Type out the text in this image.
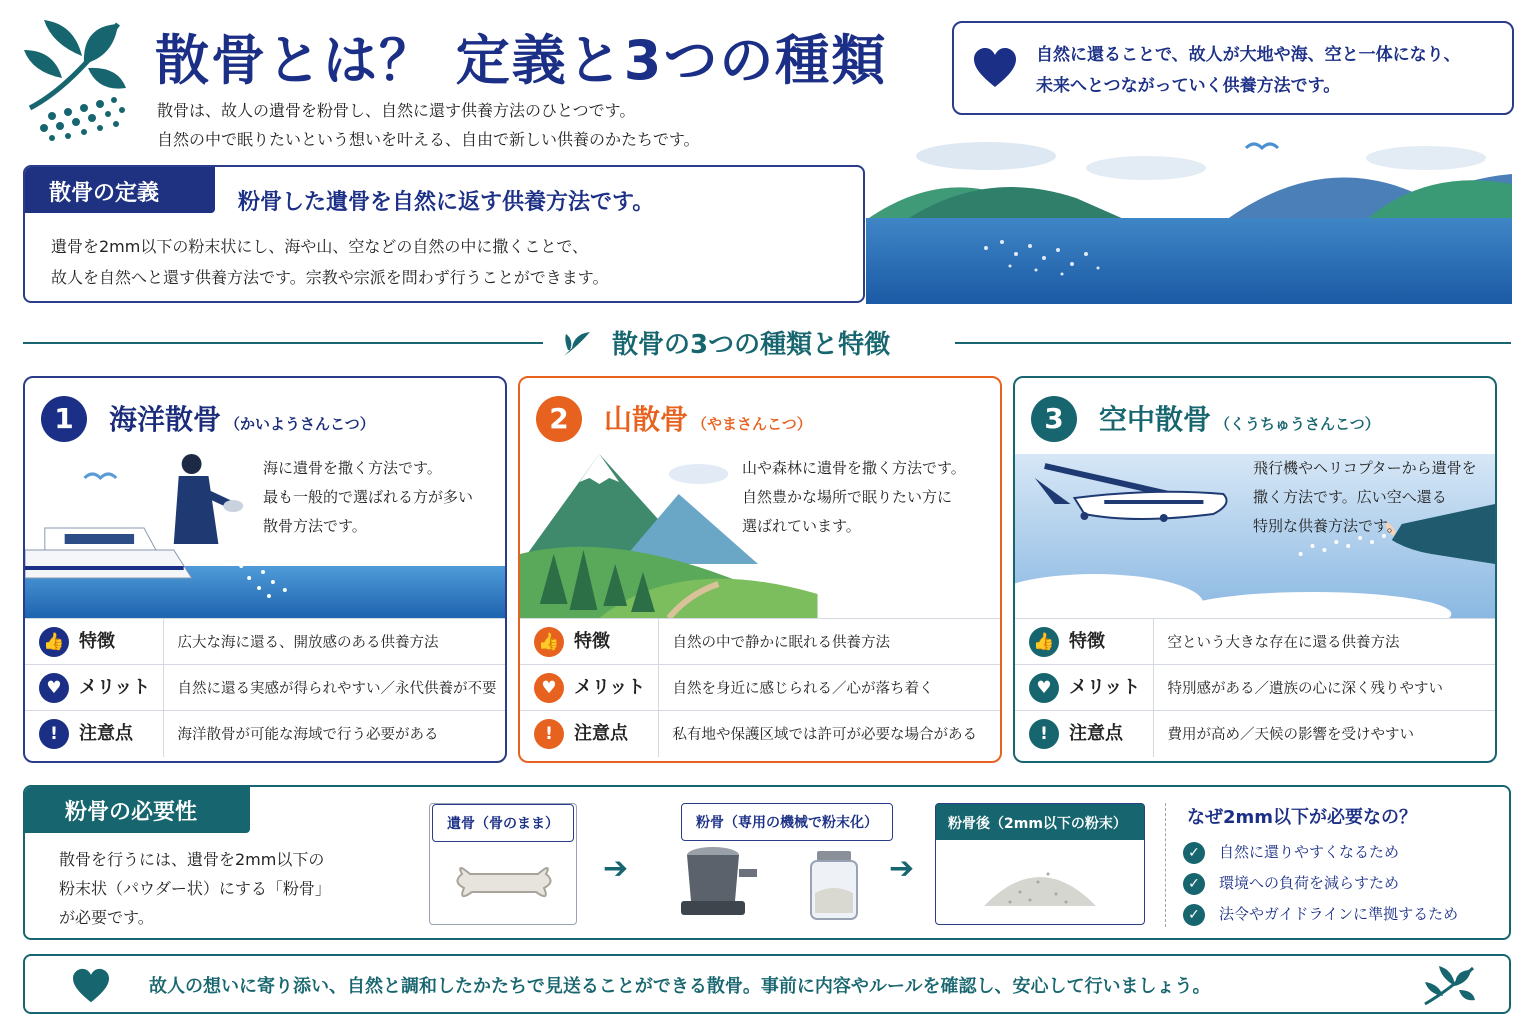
散骨とは？ 定義と3つの種類
散骨は、故人の遺骨を粉骨し、自然に還す供養方法のひとつです。
自然の中で眠りたいという想いを叶える、自由で新しい供養のかたちです。
自然に還ることで、故人が大地や海、空と一体になり、
未来へとつながっていく供養方法です。
散骨の定義	粉骨した遺骨を自然に返す供養方法です。
遺骨を2mm以下の粉末状にし、海や山、空などの自然の中に撒くことで、
故人を自然へと還す供養方法です。宗教や宗派を問わず行うことができます。
散骨の3つの種類と特徴
1	海洋散骨 （かいようさんこつ）
海に遺骨を撒く方法です。
最も一般的で選ばれる方が多い
散骨方法です。
👍 特徴	広大な海に還る、開放感のある供養方法
♥ メリット	自然に還る実感が得られやすい／永代供養が不要
! 注意点	海洋散骨が可能な海域で行う必要がある
2	山散骨 （やまさんこつ）
山や森林に遺骨を撒く方法です。
自然豊かな場所で眠りたい方に
選ばれています。
👍 特徴	自然の中で静かに眠れる供養方法
♥ メリット	自然を身近に感じられる／心が落ち着く
! 注意点	私有地や保護区域では許可が必要な場合がある
3	空中散骨 （くうちゅうさんこつ）
飛行機やヘリコプターから遺骨を
撒く方法です。広い空へ還る
特別な供養方法です。
👍 特徴	空という大きな存在に還る供養方法
♥ メリット	特別感がある／遺族の心に深く残りやすい
! 注意点	費用が高め／天候の影響を受けやすい
粉骨の必要性
散骨を行うには、遺骨を2mm以下の
粉末状（パウダー状）にする「粉骨」
が必要です。
遺骨（骨のまま）
➔
粉骨（専用の機械で粉末化）
➔
粉骨後（2mm以下の粉末）	なぜ2mm以下が必要なの？
✓ 自然に還りやすくなるため
✓ 環境への負荷を減らすため
✓ 法令やガイドラインに準拠するため
故人の想いに寄り添い、自然と調和したかたちで見送ることができる散骨。事前に内容やルールを確認し、安心して行いましょう。
